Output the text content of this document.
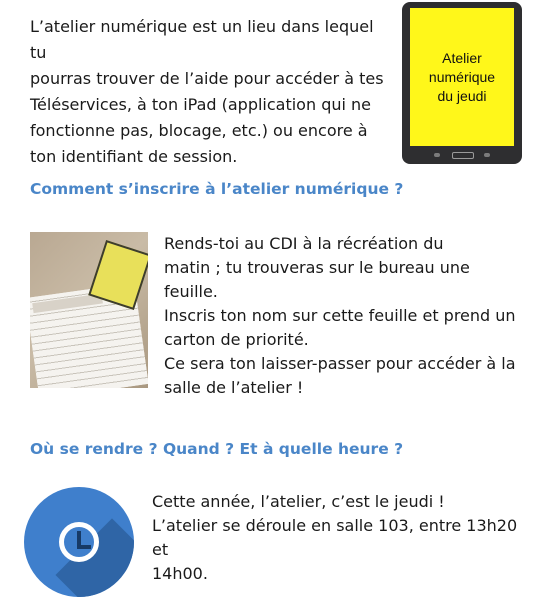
L’atelier numérique est un lieu dans lequel tu
pourras trouver de l’aide pour accéder à tes
Téléservices, à ton iPad (application qui ne
fonctionne pas, blocage, etc.) ou encore à
ton identifiant de session.
Atelier
numérique
du jeudi
Comment s’inscrire à l’atelier numérique ?
Rends-toi au CDI à la récréation du
matin ; tu trouveras sur le bureau une feuille.
Inscris ton nom sur cette feuille et prend un
carton de priorité.
Ce sera ton laisser-passer pour accéder à la
salle de l’atelier !
Où se rendre ? Quand ? Et à quelle heure ?
Cette année, l’atelier, c’est le jeudi !
L’atelier se déroule en salle 103, entre 13h20 et
14h00.
